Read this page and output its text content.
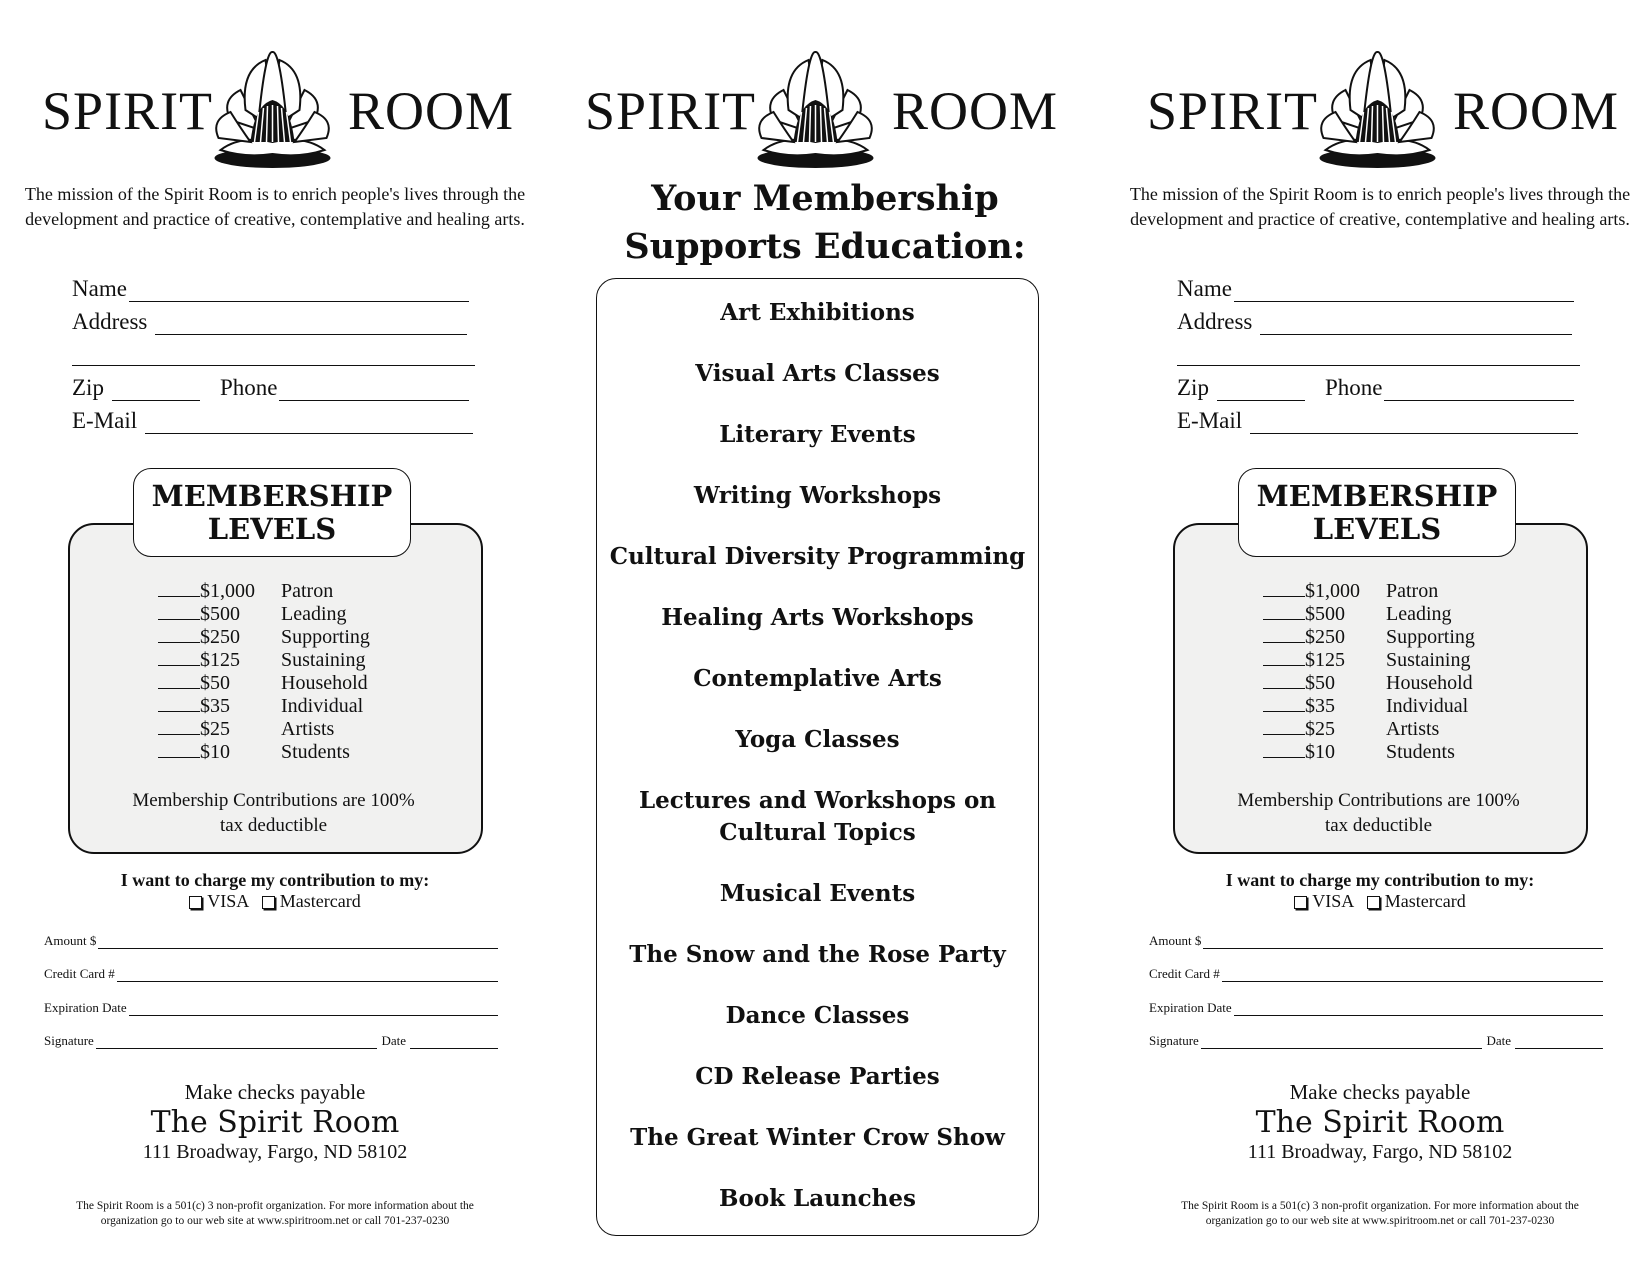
SPIRIT ROOM
The mission of the Spirit Room is to enrich people's lives through the development and practice of creative, contemplative and healing arts.
Name
Address
Zip	Phone
E-Mail
MEMBERSHIP
LEVELS
$1,000	Patron
$500	Leading
$250	Supporting
$125	Sustaining
$50	Household
$35	Individual
$25	Artists
$10	Students
Membership Contributions are 100%
tax deductible
I want to charge my contribution to my:
VISA Mastercard
Amount $
Credit Card #
Expiration Date
Signature	Date
Make checks payable
The Spirit Room
111 Broadway, Fargo, ND 58102
The Spirit Room is a 501(c) 3 non-profit organization. For more information about the
organization go to our web site at www.spiritroom.net or call 701-237-0230
SPIRIT	ROOM
Your Membership
Supports Education:
Art Exhibitions
Visual Arts Classes
Literary Events
Writing Workshops
Cultural Diversity Programming
Healing Arts Workshops
Contemplative Arts
Yoga Classes
Lectures and Workshops on
Cultural Topics
Musical Events
The Snow and the Rose Party
Dance Classes
CD Release Parties
The Great Winter Crow Show
Book Launches
SPIRIT ROOM
The mission of the Spirit Room is to enrich people's lives through the development and practice of creative, contemplative and healing arts.
Name
Address
Zip	Phone
E-Mail
MEMBERSHIP
LEVELS
$1,000	Patron
$500	Leading
$250	Supporting
$125	Sustaining
$50	Household
$35	Individual
$25	Artists
$10	Students
Membership Contributions are 100%
tax deductible
I want to charge my contribution to my:
VISA Mastercard
Amount $
Credit Card #
Expiration Date
Signature	Date
Make checks payable
The Spirit Room
111 Broadway, Fargo, ND 58102
The Spirit Room is a 501(c) 3 non-profit organization. For more information about the
organization go to our web site at www.spiritroom.net or call 701-237-0230
